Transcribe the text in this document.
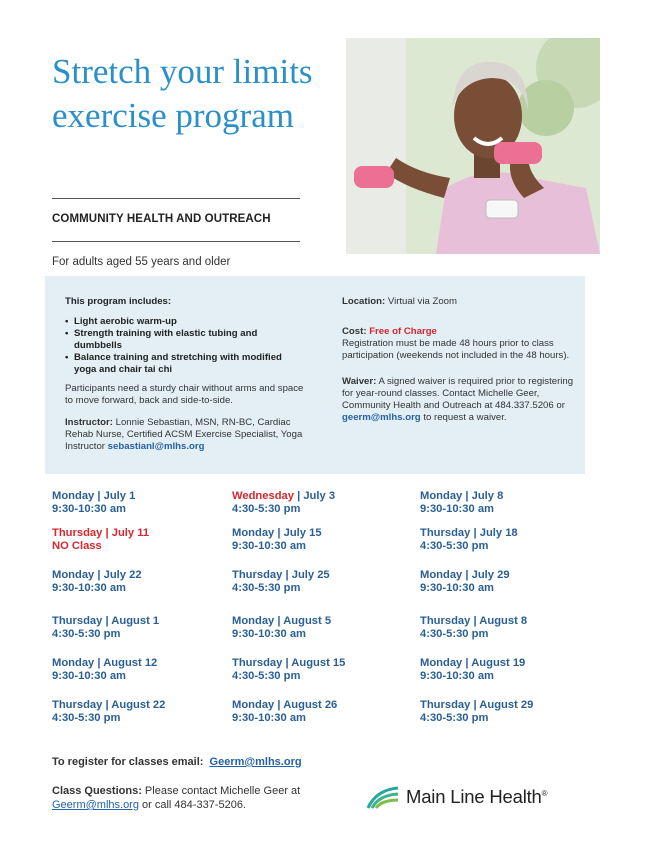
Stretch your limits exercise program
COMMUNITY HEALTH AND OUTREACH
For adults aged 55 years and older
This program includes:
• Light aerobic warm-up
• Strength training with elastic tubing and dumbbells
• Balance training and stretching with modified yoga and chair tai chi
Participants need a sturdy chair without arms and space to move forward, back and side-to-side.
Instructor: Lonnie Sebastian, MSN, RN-BC, Cardiac Rehab Nurse, Certified ACSM Exercise Specialist, Yoga Instructor sebastianl@mlhs.org
Location: Virtual via Zoom
Cost: Free of Charge
Registration must be made 48 hours prior to class participation (weekends not included in the 48 hours).
Waiver: A signed waiver is required prior to registering for year-round classes. Contact Michelle Geer, Community Health and Outreach at 484.337.5206 or geerm@mlhs.org to request a waiver.
Monday | July 1
9:30-10:30 am
Wednesday | July 3
4:30-5:30 pm
Monday | July 8
9:30-10:30 am
Thursday | July 11
NO Class
Monday | July 15
9:30-10:30 am
Thursday | July 18
4:30-5:30 pm
Monday | July 22
9:30-10:30 am
Thursday | July 25
4:30-5:30 pm
Monday | July 29
9:30-10:30 am
Thursday | August 1
4:30-5:30 pm
Monday | August 5
9:30-10:30 am
Thursday | August 8
4:30-5:30 pm
Monday | August 12
9:30-10:30 am
Thursday | August 15
4:30-5:30 pm
Monday | August 19
9:30-10:30 am
Thursday | August 22
4:30-5:30 pm
Monday | August 26
9:30-10:30 am
Thursday | August 29
4:30-5:30 pm
To register for classes email: Geerm@mlhs.org
Class Questions: Please contact Michelle Geer at Geerm@mlhs.org or call 484-337-5206.	Main Line Health®
